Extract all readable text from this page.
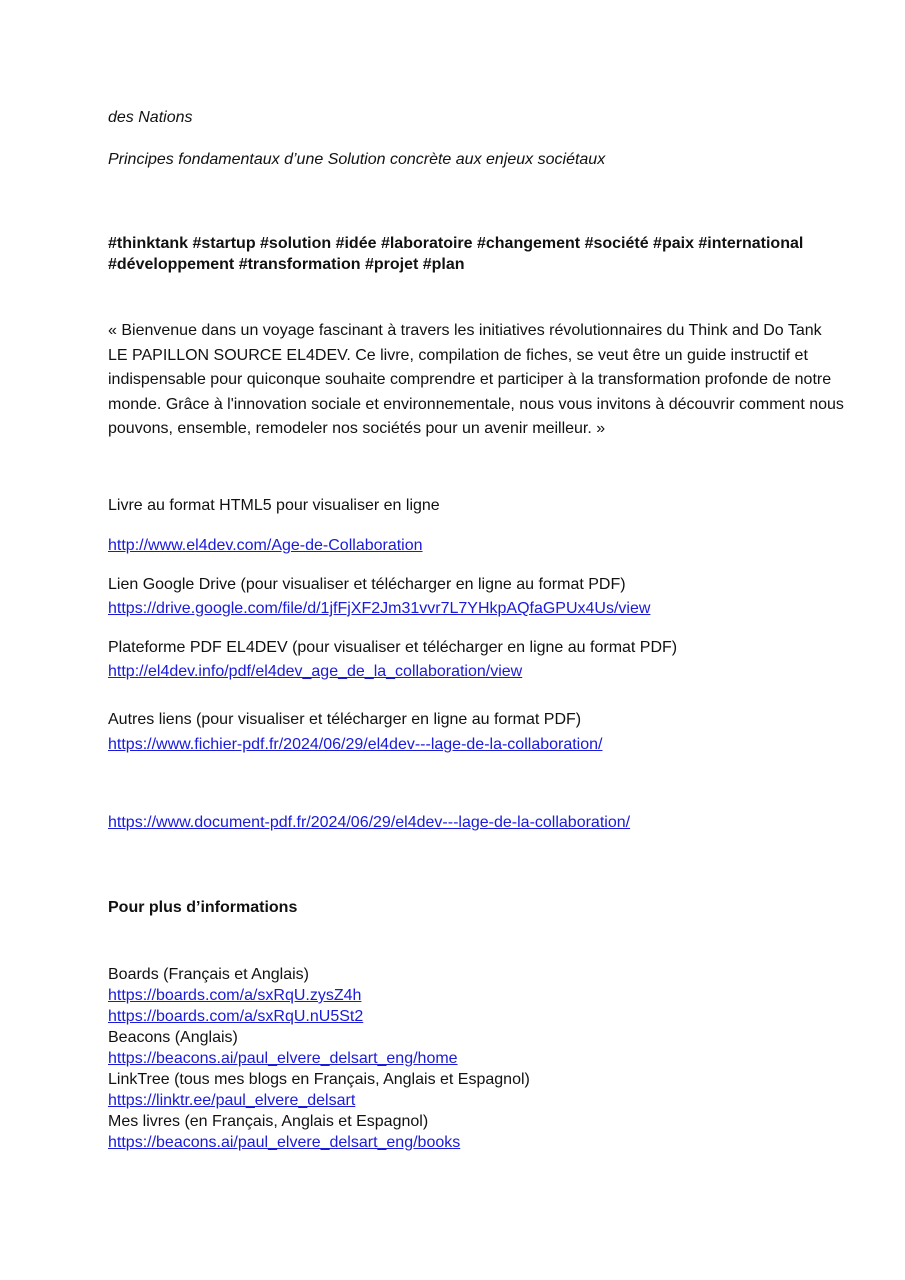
des Nations

Principes fondamentaux d’une Solution concrète aux enjeux sociétaux

#thinktank #startup #solution #idée #laboratoire #changement #société #paix #international
#développement #transformation #projet #plan
« Bienvenue dans un voyage fascinant à travers les initiatives révolutionnaires du Think and Do Tank
LE PAPILLON SOURCE EL4DEV. Ce livre, compilation de fiches, se veut être un guide instructif et
indispensable pour quiconque souhaite comprendre et participer à la transformation profonde de notre
monde. Grâce à l'innovation sociale et environnementale, nous vous invitons à découvrir comment nous
pouvons, ensemble, remodeler nos sociétés pour un avenir meilleur. »

Livre au format HTML5 pour visualiser en ligne

http://www.el4dev.com/Age-de-Collaboration

Lien Google Drive (pour visualiser et télécharger en ligne au format PDF)

https://drive.google.com/file/d/1jfFjXF2Jm31vvr7L7YHkpAQfaGPUx4Us/view

Plateforme PDF EL4DEV (pour visualiser et télécharger en ligne au format PDF)

http://el4dev.info/pdf/el4dev_age_de_la_collaboration/view

Autres liens (pour visualiser et télécharger en ligne au format PDF)

https://www.fichier-pdf.fr/2024/06/29/el4dev---lage-de-la-collaboration/

https://www.document-pdf.fr/2024/06/29/el4dev---lage-de-la-collaboration/

Pour plus d’informations

Boards (Français et Anglais)
https://boards.com/a/sxRqU.zysZ4h
https://boards.com/a/sxRqU.nU5St2
Beacons (Anglais)
https://beacons.ai/paul_elvere_delsart_eng/home
LinkTree (tous mes blogs en Français, Anglais et Espagnol)
https://linktr.ee/paul_elvere_delsart
Mes livres (en Français, Anglais et Espagnol)
https://beacons.ai/paul_elvere_delsart_eng/books
